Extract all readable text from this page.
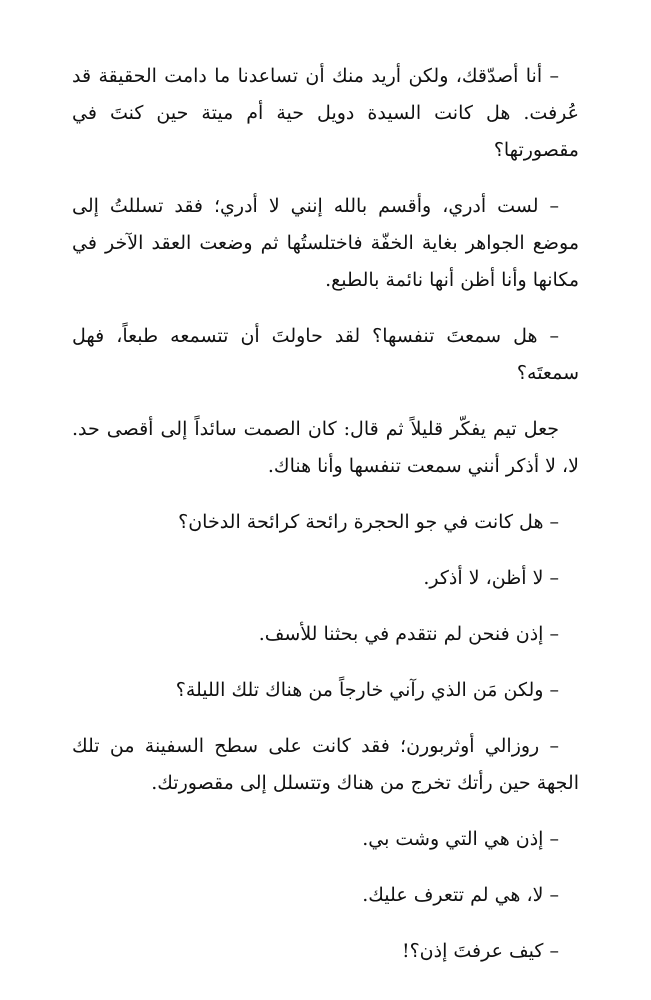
– أنا أصدّقك، ولكن أريد منك أن تساعدنا ما دامت الحقيقة قد عُرفت. هل كانت السيدة دويل حية أم ميتة حين كنتَ في مقصورتها؟

– لست أدري، وأقسم بالله إنني لا أدري؛ فقد تسللتُ إلى موضع الجواهر بغاية الخفّة فاختلستُها ثم وضعت العقد الآخر في مكانها وأنا أظن أنها نائمة بالطبع.

– هل سمعتَ تنفسها؟ لقد حاولتَ أن تتسمعه طبعاً، فهل سمعتَه؟

جعل تيم يفكّر قليلاً ثم قال: كان الصمت سائداً إلى أقصى حد. لا، لا أذكر أنني سمعت تنفسها وأنا هناك.

– هل كانت في جو الحجرة رائحة كرائحة الدخان؟

– لا أظن، لا أذكر.

– إذن فنحن لم نتقدم في بحثنا للأسف.

– ولكن مَن الذي رآني خارجاً من هناك تلك الليلة؟

– روزالي أوثربورن؛ فقد كانت على سطح السفينة من تلك الجهة حين رأتك تخرج من هناك وتتسلل إلى مقصورتك.

– إذن هي التي وشت بي.

– لا، هي لم تتعرف عليك.

– كيف عرفتَ إذن؟!
